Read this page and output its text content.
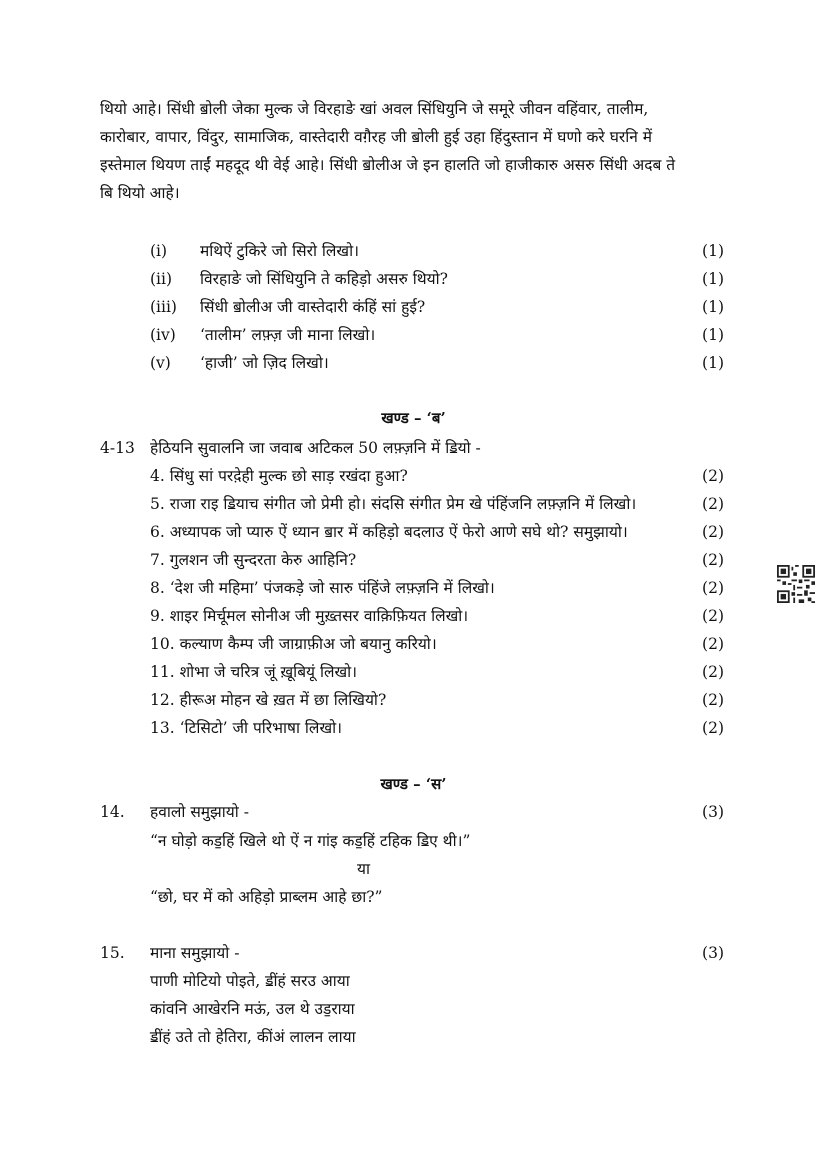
थियो आहे। सिंधी ॿोली जेका मुल्क जे विरहाङे खां अवल सिंधियुनि जे समूरे जीवन वहिंवार, तालीम,
कारोबार, वापार, विंदुर, सामाजिक, वास्तेदारी वग़ैरह जी ॿोली हुई उहा हिंदुस्तान में घणो करे घरनि में
इस्तेमाल थियण ताईं महदूद थी वेई आहे। सिंधी ॿोलीअ जे इन हालति जो हाजीकारु असरु सिंधी अदब ते
बि थियो आहे।
(i) मथिऐं टुकिरे जो सिरो लिखो।	(1)
(ii) विरहाङे जो सिंधियुनि ते कहिड़ो असरु थियो?	(1)
(iii) सिंधी ॿोलीअ जी वास्तेदारी कंहिं सां हुई?	(1)
(iv) ‘तालीम’ लफ़्ज़ जी माना लिखो।	(1)
(v) ‘हाजी’ जो ज़िद लिखो।	(1)
खण्ड – ‘ब’
4-13 हेठियनि सुवालनि जा जवाब अटिकल 50 लफ़्ज़नि में ॾियो -
4. सिंधु सां परदे़ही मुल्क छो साड़ रखंदा हुआ?	(2)
5. राजा राइ ॾियाच संगीत जो प्रेमी हो। संदसि संगीत प्रेम खे पंहिंजनि लफ़्ज़नि में लिखो।	(2)
6. अध्यापक जो प्यारु ऐं ध्यान ॿार में कहिड़ो बदलाउ ऐं फेरो आणे सघे थो? समुझायो।	(2)
7. गुलशन जी सुन्दरता केरु आहिनि?	(2)
8. ‘देश जी महिमा’ पंजकड़े जो सारु पंहिंजे लफ़्ज़नि में लिखो।	(2)
9. शाइर मिर्चूमल सोनीअ जी मुख़्तसर वाक़िफ़ियत लिखो।	(2)
10. कल्याण कैम्प जी जाग्राफ़ीअ जो बयानु करियो।	(2)
11. शोभा जे चरित्र जूं ख़ूबियूं लिखो।	(2)
12. हीरूअ मोहन खे ख़त में छा लिखियो?	(2)
13. ‘टिसिटो’ जी परिभाषा लिखो।	(2)
खण्ड – ‘स’
14. हवालो समुझायो -	(3)
“न घोड़ो कड॒हिं खिले थो ऐं न गांइ कड॒हिं टहिक ॾिए थी।”
या
“छो, घर में को अहिड़ो प्राब्लम आहे छा?”
15. माना समुझायो -	(3)
पाणी मोटियो पोइते, ॾींहं सरउ आया
कांवनि आखेरनि मऊं, उल थे उड॒राया
ॾींहं उते तो हेतिरा, कींअं लालन लाया
